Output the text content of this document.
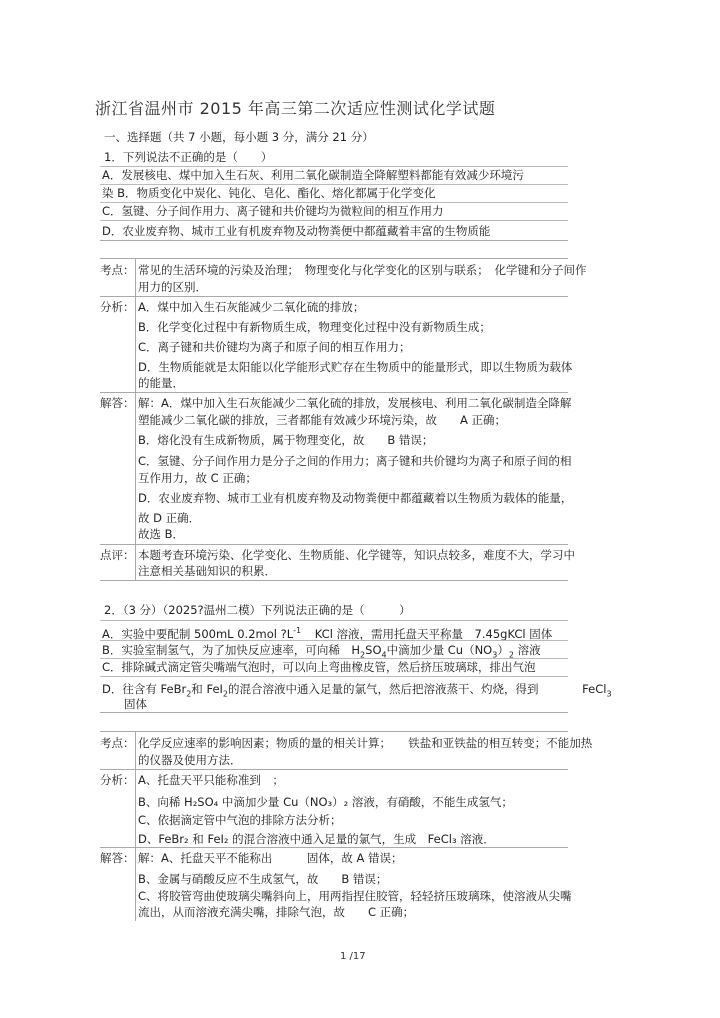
浙江省温州市 2015 年高三第二次适应性测试化学试题
一、选择题（共 7 小题，每小题 3 分，满分 21 分）
1．下列说法不正确的是（　　）
A．发展核电、煤中加入生石灰、利用二氧化碳制造全降解塑料都能有效减少环境污
染 B．物质变化中炭化、钝化、皂化、酯化、熔化都属于化学变化
C．氢键、分子间作用力、离子键和共价键均为微粒间的相互作用力
D．农业废弃物、城市工业有机废弃物及动物粪便中都蕴藏着丰富的生物质能
考点： 常见的生活环境的污染及治理；　物理变化与化学变化的区别与联系；　化学键和分子间作
用力的区别．
分析： A．煤中加入生石灰能减少二氧化硫的排放；
B．化学变化过程中有新物质生成，物理变化过程中没有新物质生成；
C．离子键和共价键均为离子和原子间的相互作用力；
D．生物质能就是太阳能以化学能形式贮存在生物质中的能量形式，即以生物质为载体
的能量．
解答： 解：A．煤中加入生石灰能减少二氧化硫的排放，发展核电、利用二氧化碳制造全降解
塑能减少二氧化碳的排放，三者都能有效减少环境污染，故　　A 正确；
B．熔化没有生成新物质，属于物理变化，故　　B 错误；
C．氢键、分子间作用力是分子之间的作用力；离子键和共价键均为离子和原子间的相
互作用力，故 C 正确；
D．农业废弃物、城市工业有机废弃物及动物粪便中都蕴藏着以生物质为载体的能量，
故 D 正确．
故选 B．
点评： 本题考查环境污染、化学变化、生物质能、化学键等，知识点较多，难度不大，学习中
注意相关基础知识的积累．
2．（3 分）（2025?温州二模）下列说法正确的是（　　　）
A．实验中要配制 500mL 0.2mol $?L^{-1}$ KCl 溶液，需用托盘天平称量　7.45gKCl 固体
B．实验室制氢气，为了加快反应速率，可向稀　$H_2SO_4$中滴加少量 $Cu(NO_3)_2$ 溶液
C．排除碱式滴定管尖嘴端气泡时，可以向上弯曲橡皮管，然后挤压玻璃球，排出气泡
D．往含有 FeBr$_2$和 FeI$_2$的混合溶液中通入足量的氯气，然后把溶液蒸干、灼烧，得到	FeCl$_3$
固体
考点： 化学反应速率的影响因素；物质的量的相关计算；　　铁盐和亚铁盐的相互转变；不能加热
的仪器及使用方法．
分析： A、托盘天平只能称准到　；
B、向稀 H₂SO₄ 中滴加少量 Cu（NO₃）₂ 溶液，有硝酸，不能生成氢气；
C、依据滴定管中气泡的排除方法分析；
D、FeBr₂ 和 FeI₂ 的混合溶液中通入足量的氯气，生成　FeCl₃ 溶液．
解答： 解：A、托盘天平不能称出　　　固体，故 A 错误；
B、金属与硝酸反应不生成氢气，故　　B 错误；
C、将胶管弯曲使玻璃尖嘴斜向上，用两指捏住胶管，轻轻挤压玻璃珠，使溶液从尖嘴
流出，从而溶液充满尖嘴，排除气泡，故　　C 正确；
1 /17
